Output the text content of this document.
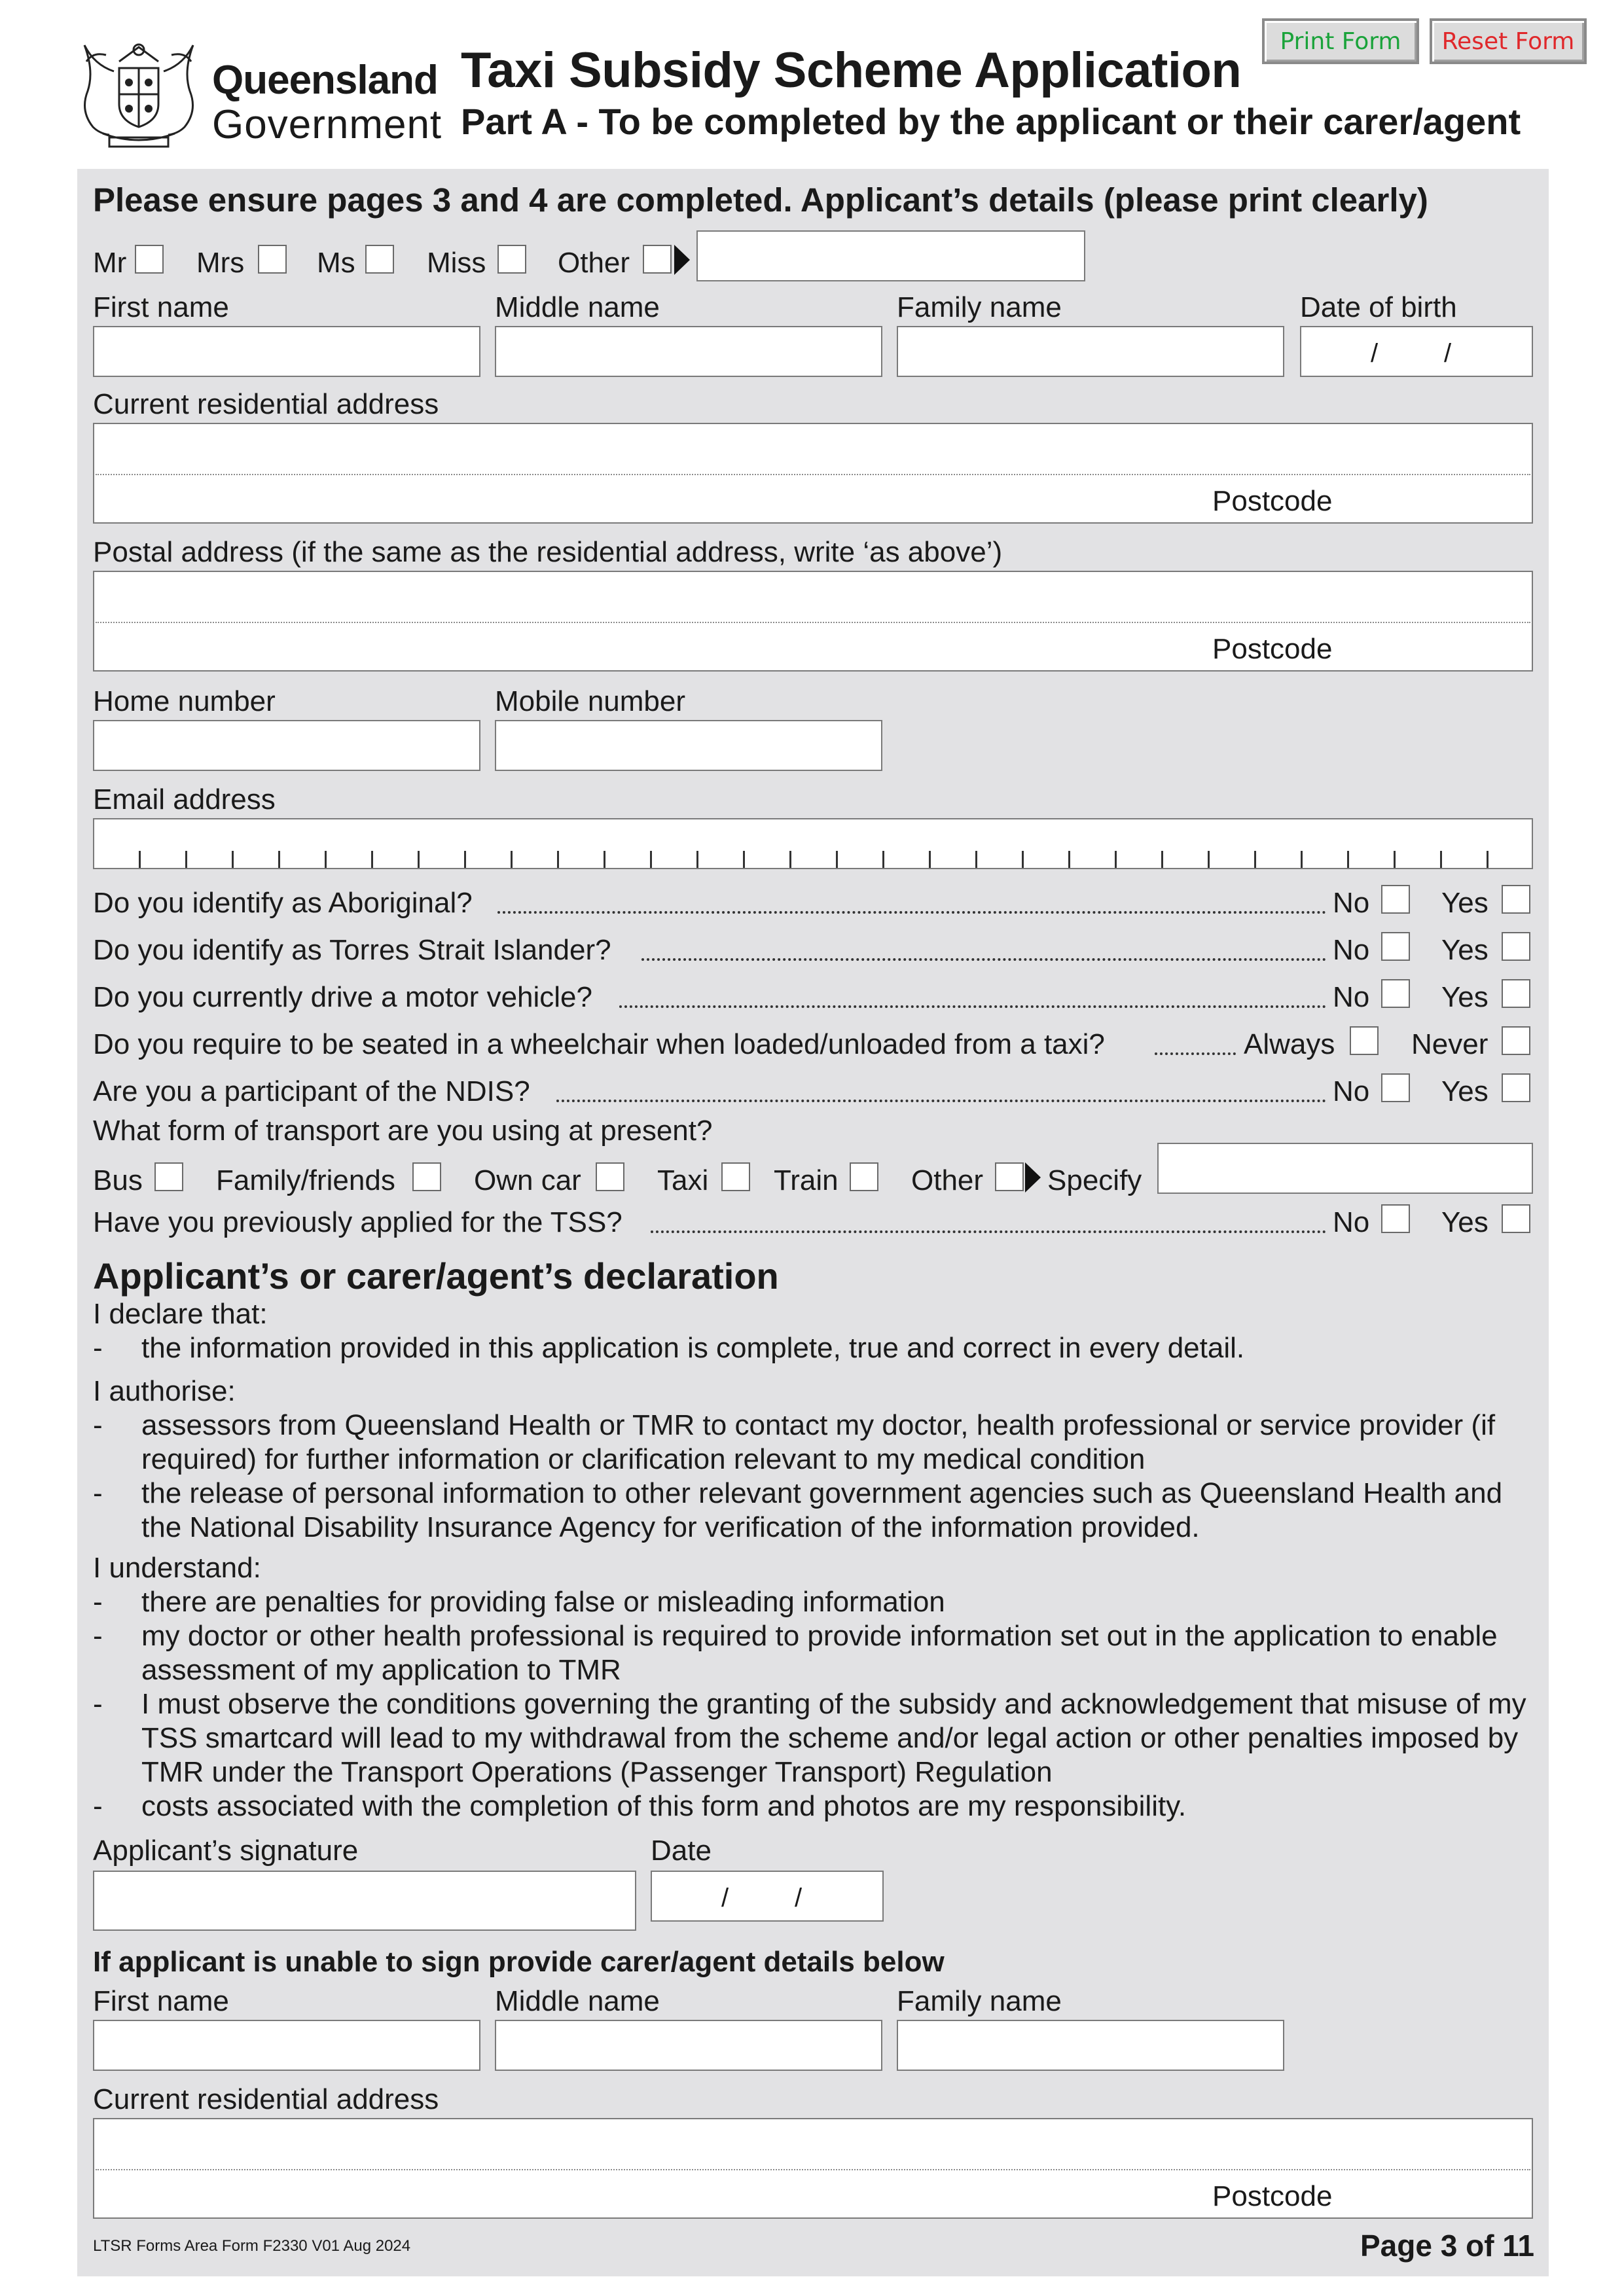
Print Form	Reset Form
Queensland
Government
Taxi Subsidy Scheme Application
Part A - To be completed by the applicant or their carer/agent
Please ensure pages 3 and 4 are completed. Applicant’s details (please print clearly)
Mr Mrs	Ms Miss Other
First name	Middle name	Family name	Date of birth
/	/
Current residential address
Postcode
Postal address (if the same as the residential address, write ‘as above’)
Postcode
Home number	Mobile number
Email address
Do you identify as Aboriginal?	No Yes
Do you identify as Torres Strait Islander?	No Yes
Do you currently drive a motor vehicle?	No Yes
Do you require to be seated in a wheelchair when loaded/unloaded from a taxi?	Always	Never
Are you a participant of the NDIS?	No Yes
What form of transport are you using at present?
Bus	Family/friends	Own car	Taxi Train	Other Specify
Have you previously applied for the TSS?	No Yes
Applicant’s or carer/agent’s declaration
I declare that:
- the information provided in this application is complete, true and correct in every detail.
I authorise:
- assessors from Queensland Health or TMR to contact my doctor, health professional or service provider (if required) for further information or clarification relevant to my medical condition
- the release of personal information to other relevant government agencies such as Queensland Health and the National Disability Insurance Agency for verification of the information provided.
I understand:
- there are penalties for providing false or misleading information
- my doctor or other health professional is required to provide information set out in the application to enable assessment of my application to TMR
- I must observe the conditions governing the granting of the subsidy and acknowledgement that misuse of my TSS smartcard will lead to my withdrawal from the scheme and/or legal action or other penalties imposed by TMR under the Transport Operations (Passenger Transport) Regulation
- costs associated with the completion of this form and photos are my responsibility.
Applicant’s signature	Date
/	/
If applicant is unable to sign provide carer/agent details below
First name	Middle name	Family name
Current residential address
Postcode
LTSR Forms Area Form F2330 V01 Aug 2024	Page 3 of 11
